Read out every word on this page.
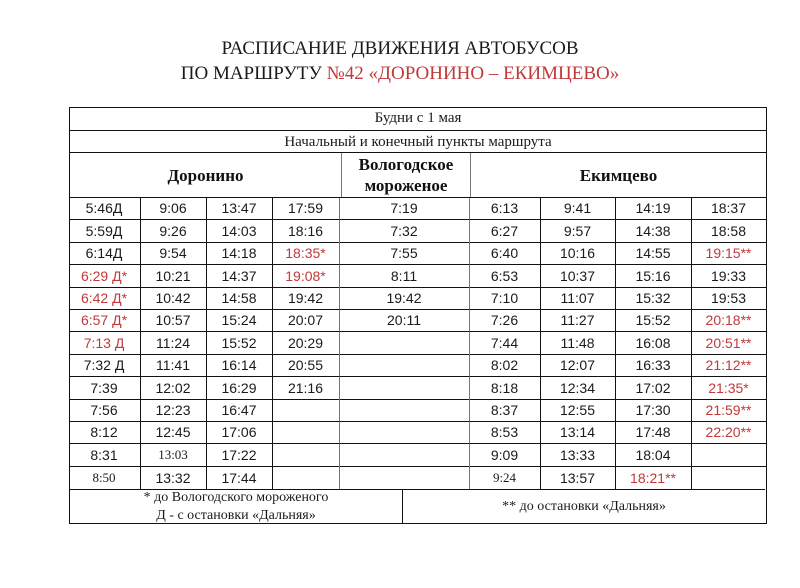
РАСПИСАНИЕ ДВИЖЕНИЯ АВТОБУСОВ
ПО МАРШРУТУ №42 «ДОРОНИНО – ЕКИМЦЕВО»
Будни с 1 мая
Начальный и конечный пункты маршрута
Доронино
Вологодское мороженое
Екимцево
5:46Д
5:59Д
6:14Д
6:29 Д*
6:42 Д*
6:57 Д*
7:13 Д
7:32 Д
7:39
7:56
8:12
8:31
8:50
9:06
9:26
9:54
10:21
10:42
10:57
11:24
11:41
12:02
12:23
12:45
13:03
13:32
13:47
14:03
14:18
14:37
14:58
15:24
15:52
16:14
16:29
16:47
17:06
17:22
17:44
17:59
18:16
18:35*
19:08*
19:42
20:07
20:29
20:55
21:16
7:19
7:32
7:55
8:11
19:42
20:11
6:13
6:27
6:40
6:53
7:10
7:26
7:44
8:02
8:18
8:37
8:53
9:09
9:24
9:41
9:57
10:16
10:37
11:07
11:27
11:48
12:07
12:34
12:55
13:14
13:33
13:57
14:19
14:38
14:55
15:16
15:32
15:52
16:08
16:33
17:02
17:30
17:48
18:04
18:21**
18:37
18:58
19:15**
19:33
19:53
20:18**
20:51**
21:12**
21:35*
21:59**
22:20**
* до Вологодского мороженого
Д - с остановки «Дальняя»
** до остановки «Дальняя»
